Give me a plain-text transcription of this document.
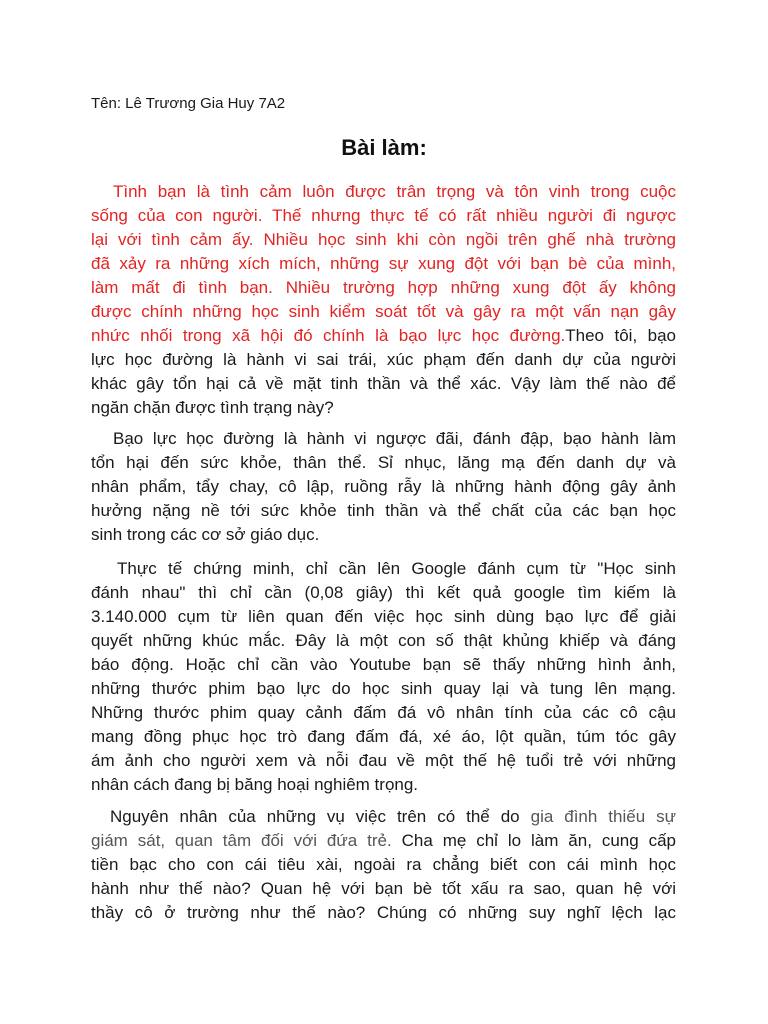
Tên: Lê Trương Gia Huy 7A2
Bài làm:
Tình bạn là tình cảm luôn được trân trọng và tôn vinh trong cuộc
sống của con người. Thế nhưng thực tế có rất nhiều người đi ngược
lại với tình cảm ấy. Nhiều học sinh khi còn ngồi trên ghế nhà trường
đã xảy ra những xích mích, những sự xung đột với bạn bè của mình,
làm mất đi tình bạn. Nhiều trường hợp những xung đột ấy không
được chính những học sinh kiểm soát tốt và gây ra một vấn nạn gây
nhức nhối trong xã hội đó chính là bạo lực học đường.Theo tôi, bạo
lực học đường là hành vi sai trái, xúc phạm đến danh dự của người
khác gây tổn hại cả về mặt tinh thần và thể xác. Vậy làm thế nào để
ngăn chặn được tình trạng này?
Bạo lực học đường là hành vi ngược đãi, đánh đập, bạo hành làm
tổn hại đến sức khỏe, thân thể. Sỉ nhục, lăng mạ đến danh dự và
nhân phẩm, tẩy chay, cô lập, ruồng rẫy là những hành động gây ảnh
hưởng nặng nề tới sức khỏe tinh thần và thể chất của các bạn học
sinh trong các cơ sở giáo dục.
Thực tế chứng minh, chỉ cần lên Google đánh cụm từ "Học sinh
đánh nhau" thì chỉ cần (0,08 giây) thì kết quả google tìm kiếm là
3.140.000 cụm từ liên quan đến việc học sinh dùng bạo lực để giải
quyết những khúc mắc. Đây là một con số thật khủng khiếp và đáng
báo động. Hoặc chỉ cần vào Youtube bạn sẽ thấy những hình ảnh,
những thước phim bạo lực do học sinh quay lại và tung lên mạng.
Những thước phim quay cảnh đấm đá vô nhân tính của các cô cậu
mang đồng phục học trò đang đấm đá, xé áo, lột quần, túm tóc gây
ám ảnh cho người xem và nỗi đau về một thế hệ tuổi trẻ với những
nhân cách đang bị băng hoại nghiêm trọng.
Nguyên nhân của những vụ việc trên có thể do gia đình thiếu sự
giám sát, quan tâm đối với đứa trẻ. Cha mẹ chỉ lo làm ăn, cung cấp
tiền bạc cho con cái tiêu xài, ngoài ra chẳng biết con cái mình học
hành như thế nào? Quan hệ với bạn bè tốt xấu ra sao, quan hệ với
thầy cô ở trường như thế nào? Chúng có những suy nghĩ lệch lạc
